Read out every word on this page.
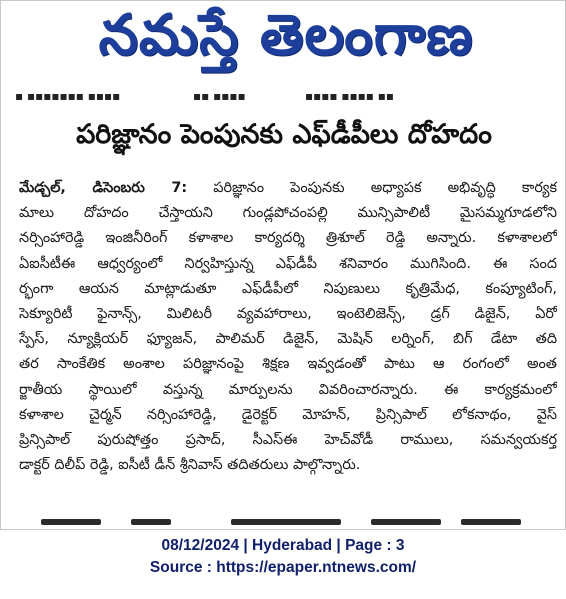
నమస్తే తెలంగాణ
▪ ▪▪▪▪▪▪▪ ▪▪▪▪	▪▪ ▪▪▪▪	▪▪▪▪ ▪▪▪▪ ▪▪
పరిజ్ఞానం పెంపునకు ఎఫ్‌డీపీలు దోహదం
మేడ్చల్‌, డిసెంబరు 7: పరిజ్ఞానం పెంపునకు అధ్యాపక అభివృద్ధి కార్యక
మాలు దోహదం చేస్తాయని గుండ్లపోచంపల్లి మున్సిపాలిటీ మైసమ్మగూడలోని
నర్సింహారెడ్డి ఇంజినీరింగ్‌ కళాశాల కార్యదర్శి త్రిశూల్‌ రెడ్డి అన్నారు. కళాశాలలో
ఏఐసీటీఈ ఆధ్వర్యంలో నిర్వహిస్తున్న ఎఫ్‌డీపీ శనివారం ముగిసింది. ఈ సంద
ర్భంగా ఆయన మాట్లాడుతూ ఎఫ్‌డీపీలో నిపుణులు కృత్రిమేధ, కంప్యూటింగ్‌,
సెక్యూరిటీ ఫైనాన్స్‌, మిలిటరీ వ్యవహారాలు, ఇంటెలిజెన్స్‌, డ్రగ్‌ డిజైన్‌, ఏరో
స్పేస్‌, న్యూక్లియర్‌ ఫ్యూజన్‌, పాలిమర్‌ డిజైన్‌, మెషిన్‌ లర్నింగ్‌, బిగ్‌ డేటా తది
తర సాంకేతిక అంశాల పరిజ్ఞానంపై శిక్షణ ఇవ్వడంతో పాటు ఆ రంగంలో అంత
ర్జాతీయ స్థాయిలో వస్తున్న మార్పులను వివరించారన్నారు. ఈ కార్యక్రమంలో
కళాశాల చైర్మన్‌ నర్సింహారెడ్డి, డైరెక్టర్‌ మోహన్‌, ప్రిన్సిపాల్‌ లోకనాథం, వైస్‌
ప్రిన్సిపాల్‌ పురుషోత్తం ప్రసాద్‌, సీఎస్‌ఈ హెచ్‌వోడీ రాములు, సమన్వయకర్త
డాక్టర్‌ దిలీప్‌ రెడ్డి, ఐసీటీ డీన్‌ శ్రీనివాస్‌ తదితరులు పాల్గొన్నారు.
08/12/2024 | Hyderabad | Page : 3
Source : https://epaper.ntnews.com/
